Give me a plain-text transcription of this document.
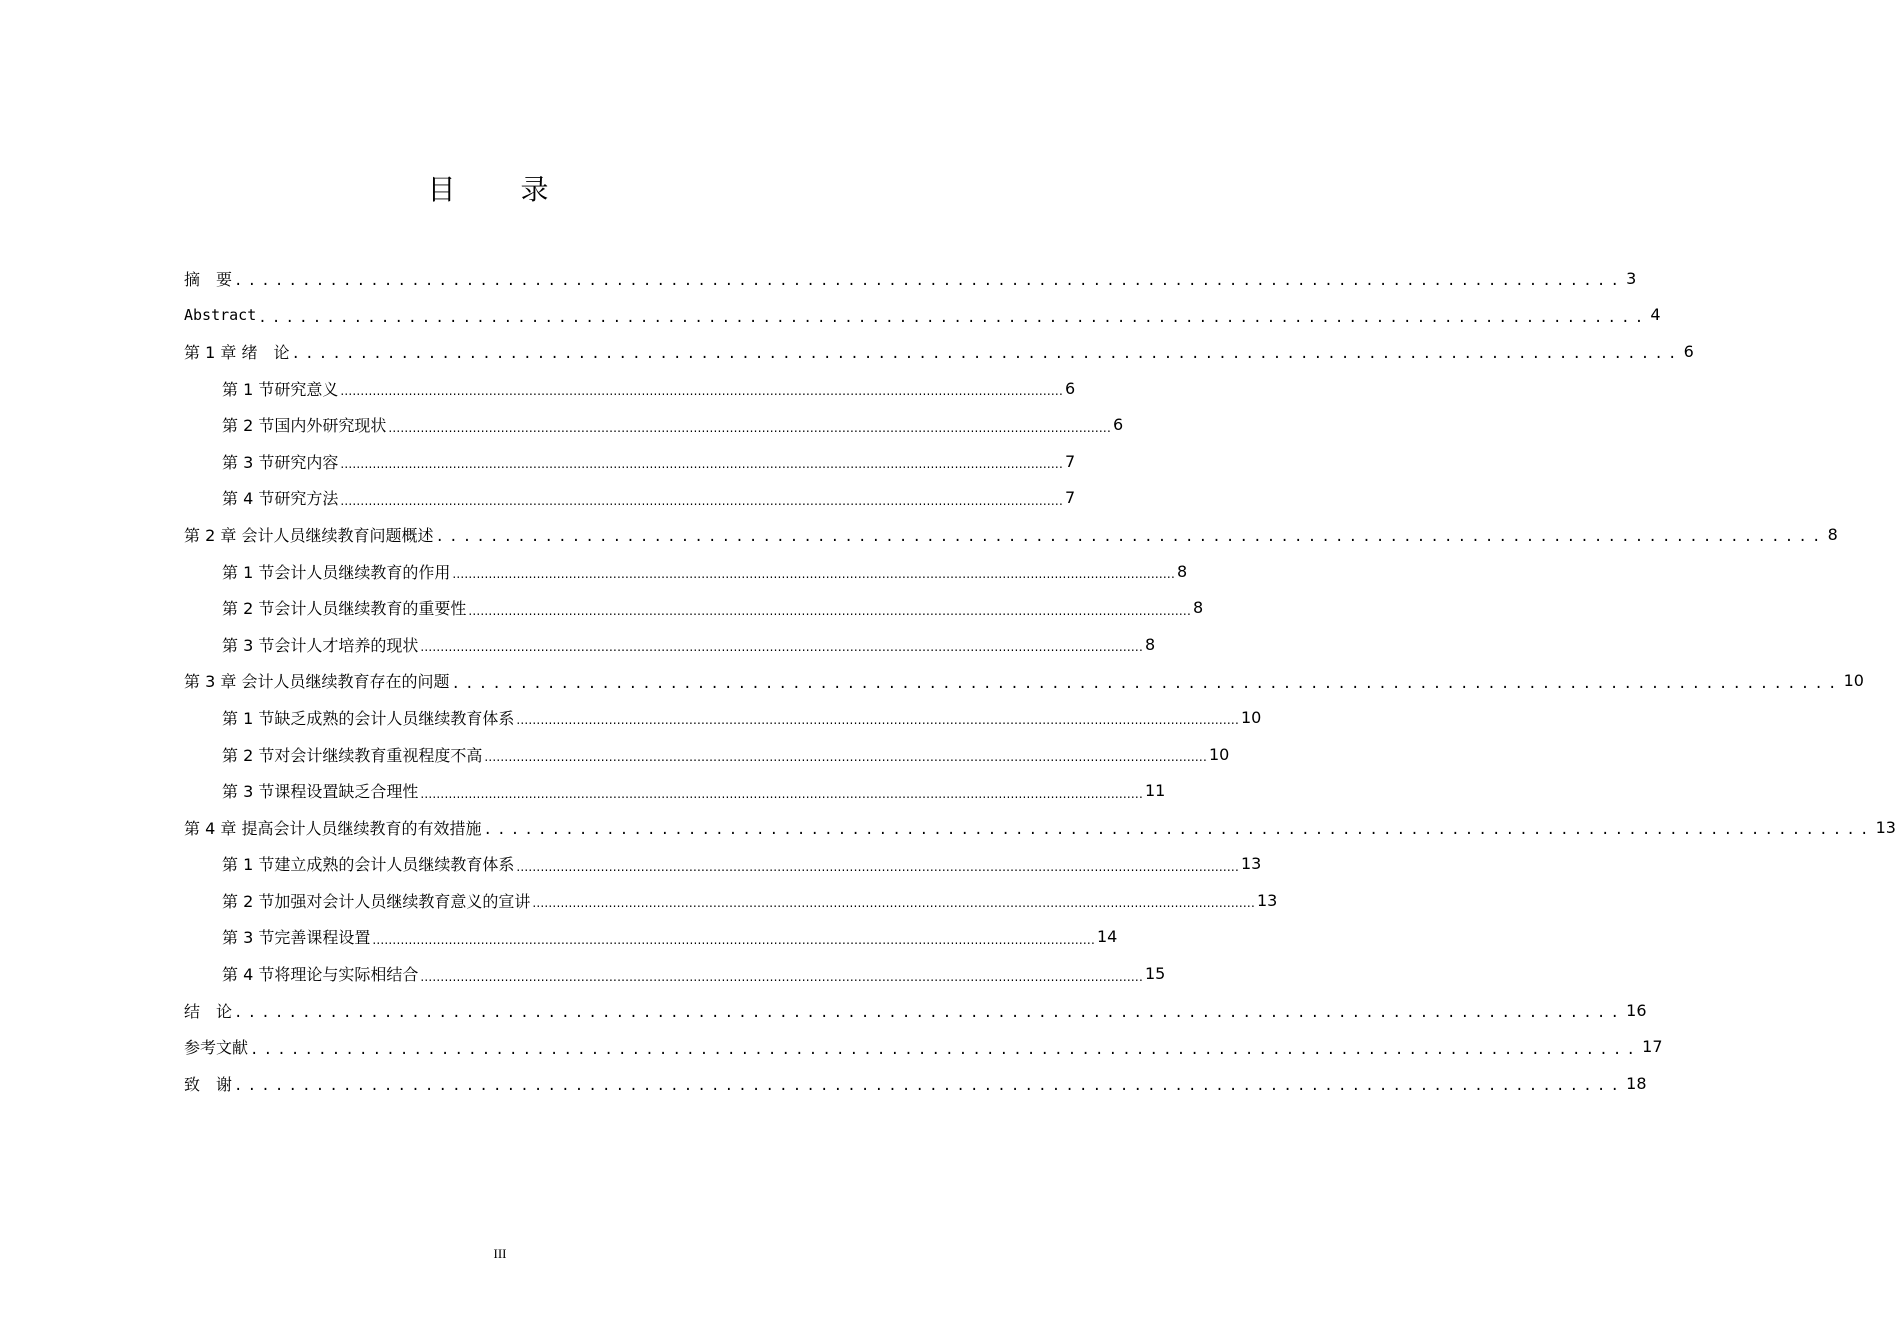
目 录
摘　要 ...................................................................................................... 3
Abstract ...................................................................................................... 4
第 1 章 绪　论 ...................................................................................................... 6
第 1 节研究意义 .................................................................................................................................................................................... 6
第 2 节国内外研究现状 .................................................................................................................................................................................... 6
第 3 节研究内容 .................................................................................................................................................................................... 7
第 4 节研究方法 .................................................................................................................................................................................... 7
第 2 章 会计人员继续教育问题概述 ...................................................................................................... 8
第 1 节会计人员继续教育的作用 .................................................................................................................................................................................... 8
第 2 节会计人员继续教育的重要性 .................................................................................................................................................................................... 8
第 3 节会计人才培养的现状 .................................................................................................................................................................................... 8
第 3 章 会计人员继续教育存在的问题 ...................................................................................................... 10
第 1 节缺乏成熟的会计人员继续教育体系 .................................................................................................................................................................................... 10
第 2 节对会计继续教育重视程度不高 .................................................................................................................................................................................... 10
第 3 节课程设置缺乏合理性 .................................................................................................................................................................................... 11
第 4 章 提高会计人员继续教育的有效措施 ...................................................................................................... 13
第 1 节建立成熟的会计人员继续教育体系 .................................................................................................................................................................................... 13
第 2 节加强对会计人员继续教育意义的宣讲 .................................................................................................................................................................................... 13
第 3 节完善课程设置 .................................................................................................................................................................................... 14
第 4 节将理论与实际相结合 .................................................................................................................................................................................... 15
结　论 ...................................................................................................... 16
参考文献 ...................................................................................................... 17
致　谢 ...................................................................................................... 18
III
